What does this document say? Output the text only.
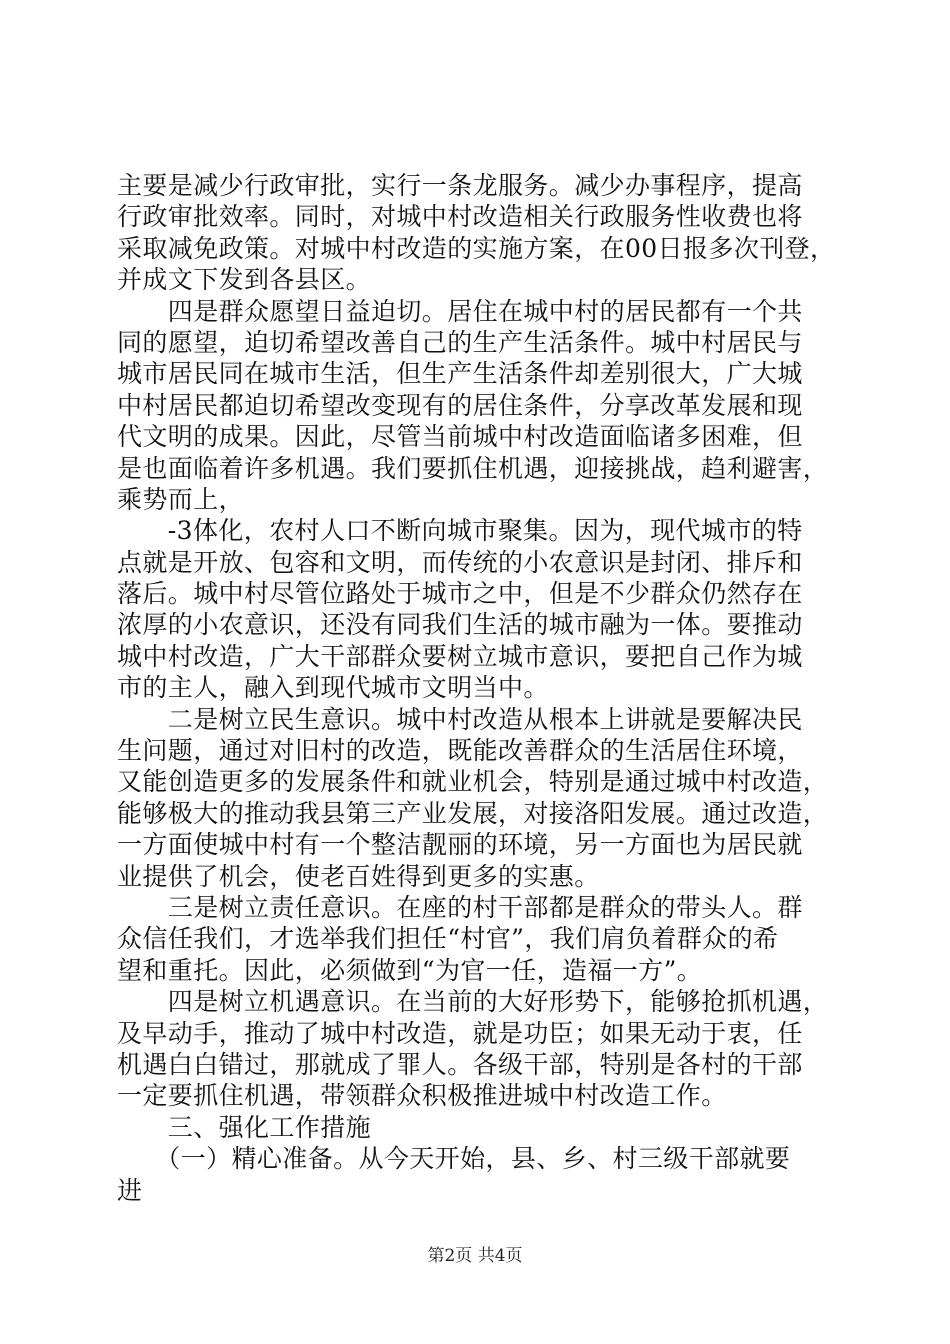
主要是减少行政审批，实行一条龙服务。减少办事程序，提高
行政审批效率。同时，对城中村改造相关行政服务性收费也将
采取减免政策。对城中村改造的实施方案，在00日报多次刊登，
并成文下发到各县区。
　　四是群众愿望日益迫切。居住在城中村的居民都有一个共
同的愿望，迫切希望改善自己的生产生活条件。城中村居民与
城市居民同在城市生活，但生产生活条件却差别很大，广大城
中村居民都迫切希望改变现有的居住条件，分享改革发展和现
代文明的成果。因此，尽管当前城中村改造面临诸多困难，但
是也面临着许多机遇。我们要抓住机遇，迎接挑战，趋利避害，
乘势而上，
　　-3体化，农村人口不断向城市聚集。因为，现代城市的特
点就是开放、包容和文明，而传统的小农意识是封闭、排斥和
落后。城中村尽管位路处于城市之中，但是不少群众仍然存在
浓厚的小农意识，还没有同我们生活的城市融为一体。要推动
城中村改造，广大干部群众要树立城市意识，要把自己作为城
市的主人，融入到现代城市文明当中。
　　二是树立民生意识。城中村改造从根本上讲就是要解决民
生问题，通过对旧村的改造，既能改善群众的生活居住环境，
又能创造更多的发展条件和就业机会，特别是通过城中村改造，
能够极大的推动我县第三产业发展，对接洛阳发展。通过改造，
一方面使城中村有一个整洁靓丽的环境，另一方面也为居民就
业提供了机会，使老百姓得到更多的实惠。
　　三是树立责任意识。在座的村干部都是群众的带头人。群
众信任我们，才选举我们担任“村官”，我们肩负着群众的希
望和重托。因此，必须做到“为官一任，造福一方”。
　　四是树立机遇意识。在当前的大好形势下，能够抢抓机遇，
及早动手，推动了城中村改造，就是功臣；如果无动于衷，任
机遇白白错过，那就成了罪人。各级干部，特别是各村的干部
一定要抓住机遇，带领群众积极推进城中村改造工作。
　　三、强化工作措施
　　（一）精心准备。从今天开始，县、乡、村三级干部就要
进
第2页 共4页
